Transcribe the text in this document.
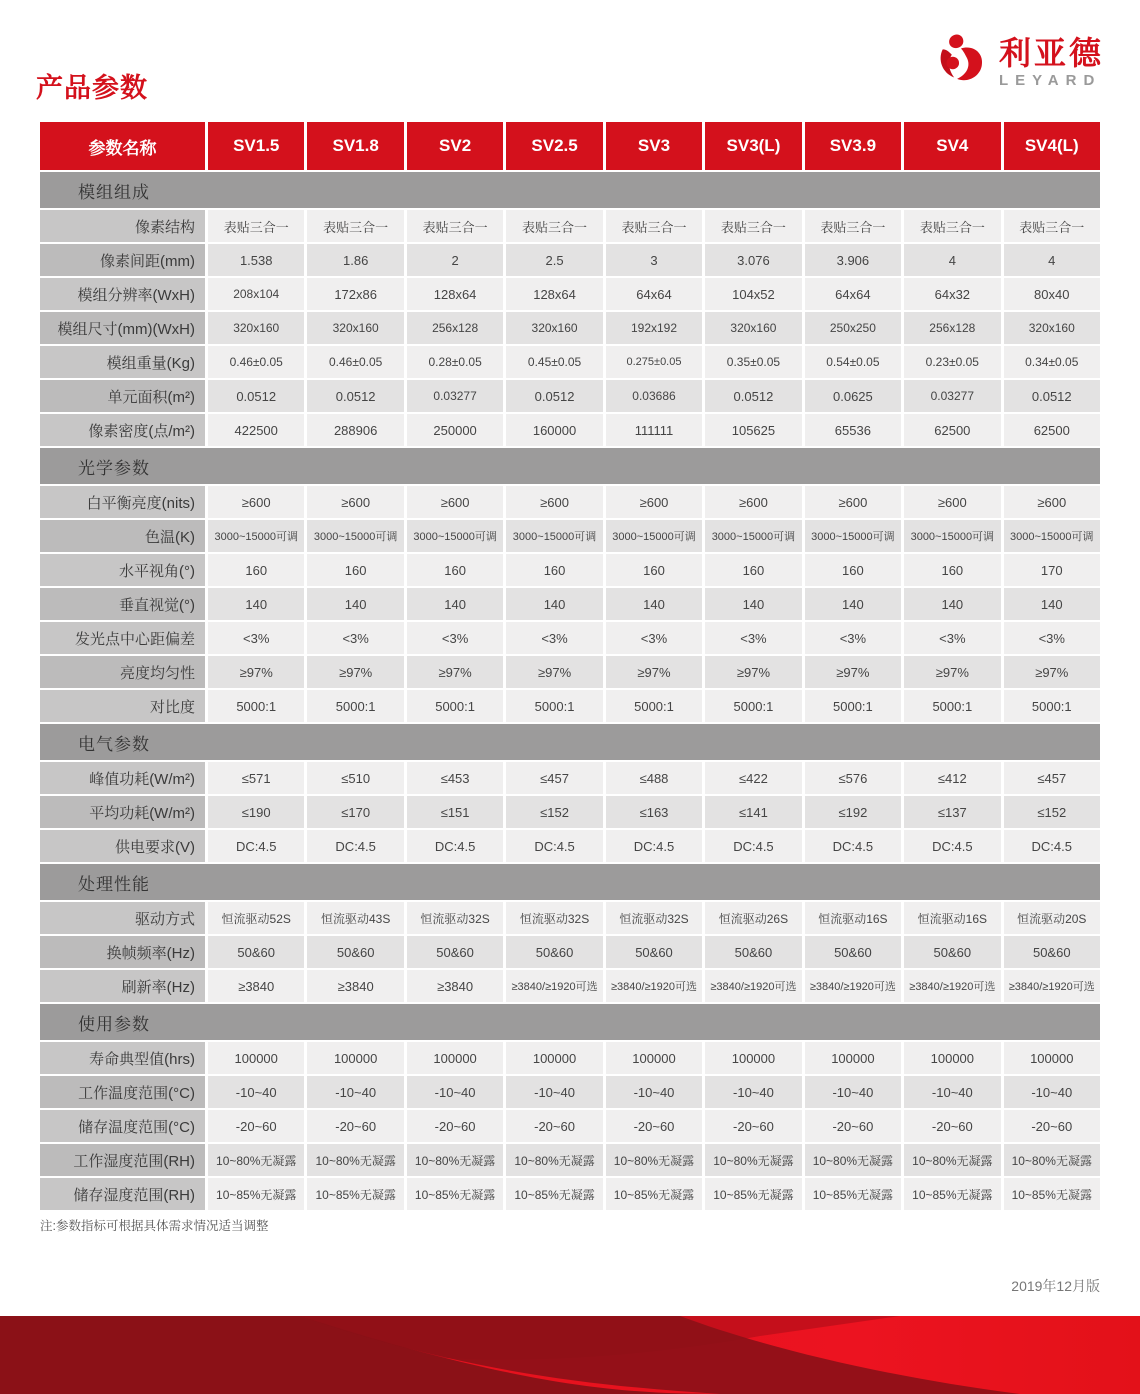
产品参数
利亚德
LEYARD
参数名称	SV1.5	SV1.8	SV2	SV2.5	SV3	SV3(L)	SV3.9	SV4	SV4(L)
模组组成
像素结构	表贴三合一	表贴三合一	表贴三合一	表贴三合一	表贴三合一	表贴三合一	表贴三合一	表贴三合一	表贴三合一
像素间距(mm)	1.538	1.86	2	2.5	3	3.076	3.906	4	4
模组分辨率(WxH)	208x104	172x86	128x64	128x64	64x64	104x52	64x64	64x32	80x40
模组尺寸(mm)(WxH)	320x160	320x160	256x128	320x160	192x192	320x160	250x250	256x128	320x160
模组重量(Kg)	0.46±0.05	0.46±0.05	0.28±0.05	0.45±0.05	0.275±0.05	0.35±0.05	0.54±0.05	0.23±0.05	0.34±0.05
单元面积(m²)	0.0512	0.0512	0.03277	0.0512	0.03686	0.0512	0.0625	0.03277	0.0512
像素密度(点/m²)	422500	288906	250000	160000	111111	105625	65536	62500	62500
光学参数
白平衡亮度(nits)	≥600	≥600	≥600	≥600	≥600	≥600	≥600	≥600	≥600
色温(K)	3000~15000可调	3000~15000可调	3000~15000可调	3000~15000可调	3000~15000可调	3000~15000可调	3000~15000可调	3000~15000可调	3000~15000可调
水平视角(°)	160	160	160	160	160	160	160	160	170
垂直视觉(°)	140	140	140	140	140	140	140	140	140
发光点中心距偏差	<3%	<3%	<3%	<3%	<3%	<3%	<3%	<3%	<3%
亮度均匀性	≥97%	≥97%	≥97%	≥97%	≥97%	≥97%	≥97%	≥97%	≥97%
对比度	5000:1	5000:1	5000:1	5000:1	5000:1	5000:1	5000:1	5000:1	5000:1
电气参数
峰值功耗(W/m²)	≤571	≤510	≤453	≤457	≤488	≤422	≤576	≤412	≤457
平均功耗(W/m²)	≤190	≤170	≤151	≤152	≤163	≤141	≤192	≤137	≤152
供电要求(V)	DC:4.5	DC:4.5	DC:4.5	DC:4.5	DC:4.5	DC:4.5	DC:4.5	DC:4.5	DC:4.5
处理性能
驱动方式	恒流驱动52S	恒流驱动43S	恒流驱动32S	恒流驱动32S	恒流驱动32S	恒流驱动26S	恒流驱动16S	恒流驱动16S	恒流驱动20S
换帧频率(Hz)	50&60	50&60	50&60	50&60	50&60	50&60	50&60	50&60	50&60
刷新率(Hz)	≥3840	≥3840	≥3840	≥3840/≥1920可选	≥3840/≥1920可选	≥3840/≥1920可选	≥3840/≥1920可选	≥3840/≥1920可选	≥3840/≥1920可选
使用参数
寿命典型值(hrs)	100000	100000	100000	100000	100000	100000	100000	100000	100000
工作温度范围(°C)	-10~40	-10~40	-10~40	-10~40	-10~40	-10~40	-10~40	-10~40	-10~40
储存温度范围(°C)	-20~60	-20~60	-20~60	-20~60	-20~60	-20~60	-20~60	-20~60	-20~60
工作湿度范围(RH)	10~80%无凝露	10~80%无凝露	10~80%无凝露	10~80%无凝露	10~80%无凝露	10~80%无凝露	10~80%无凝露	10~80%无凝露	10~80%无凝露
储存湿度范围(RH)	10~85%无凝露	10~85%无凝露	10~85%无凝露	10~85%无凝露	10~85%无凝露	10~85%无凝露	10~85%无凝露	10~85%无凝露	10~85%无凝露
注:参数指标可根据具体需求情况适当调整
2019年12月版
